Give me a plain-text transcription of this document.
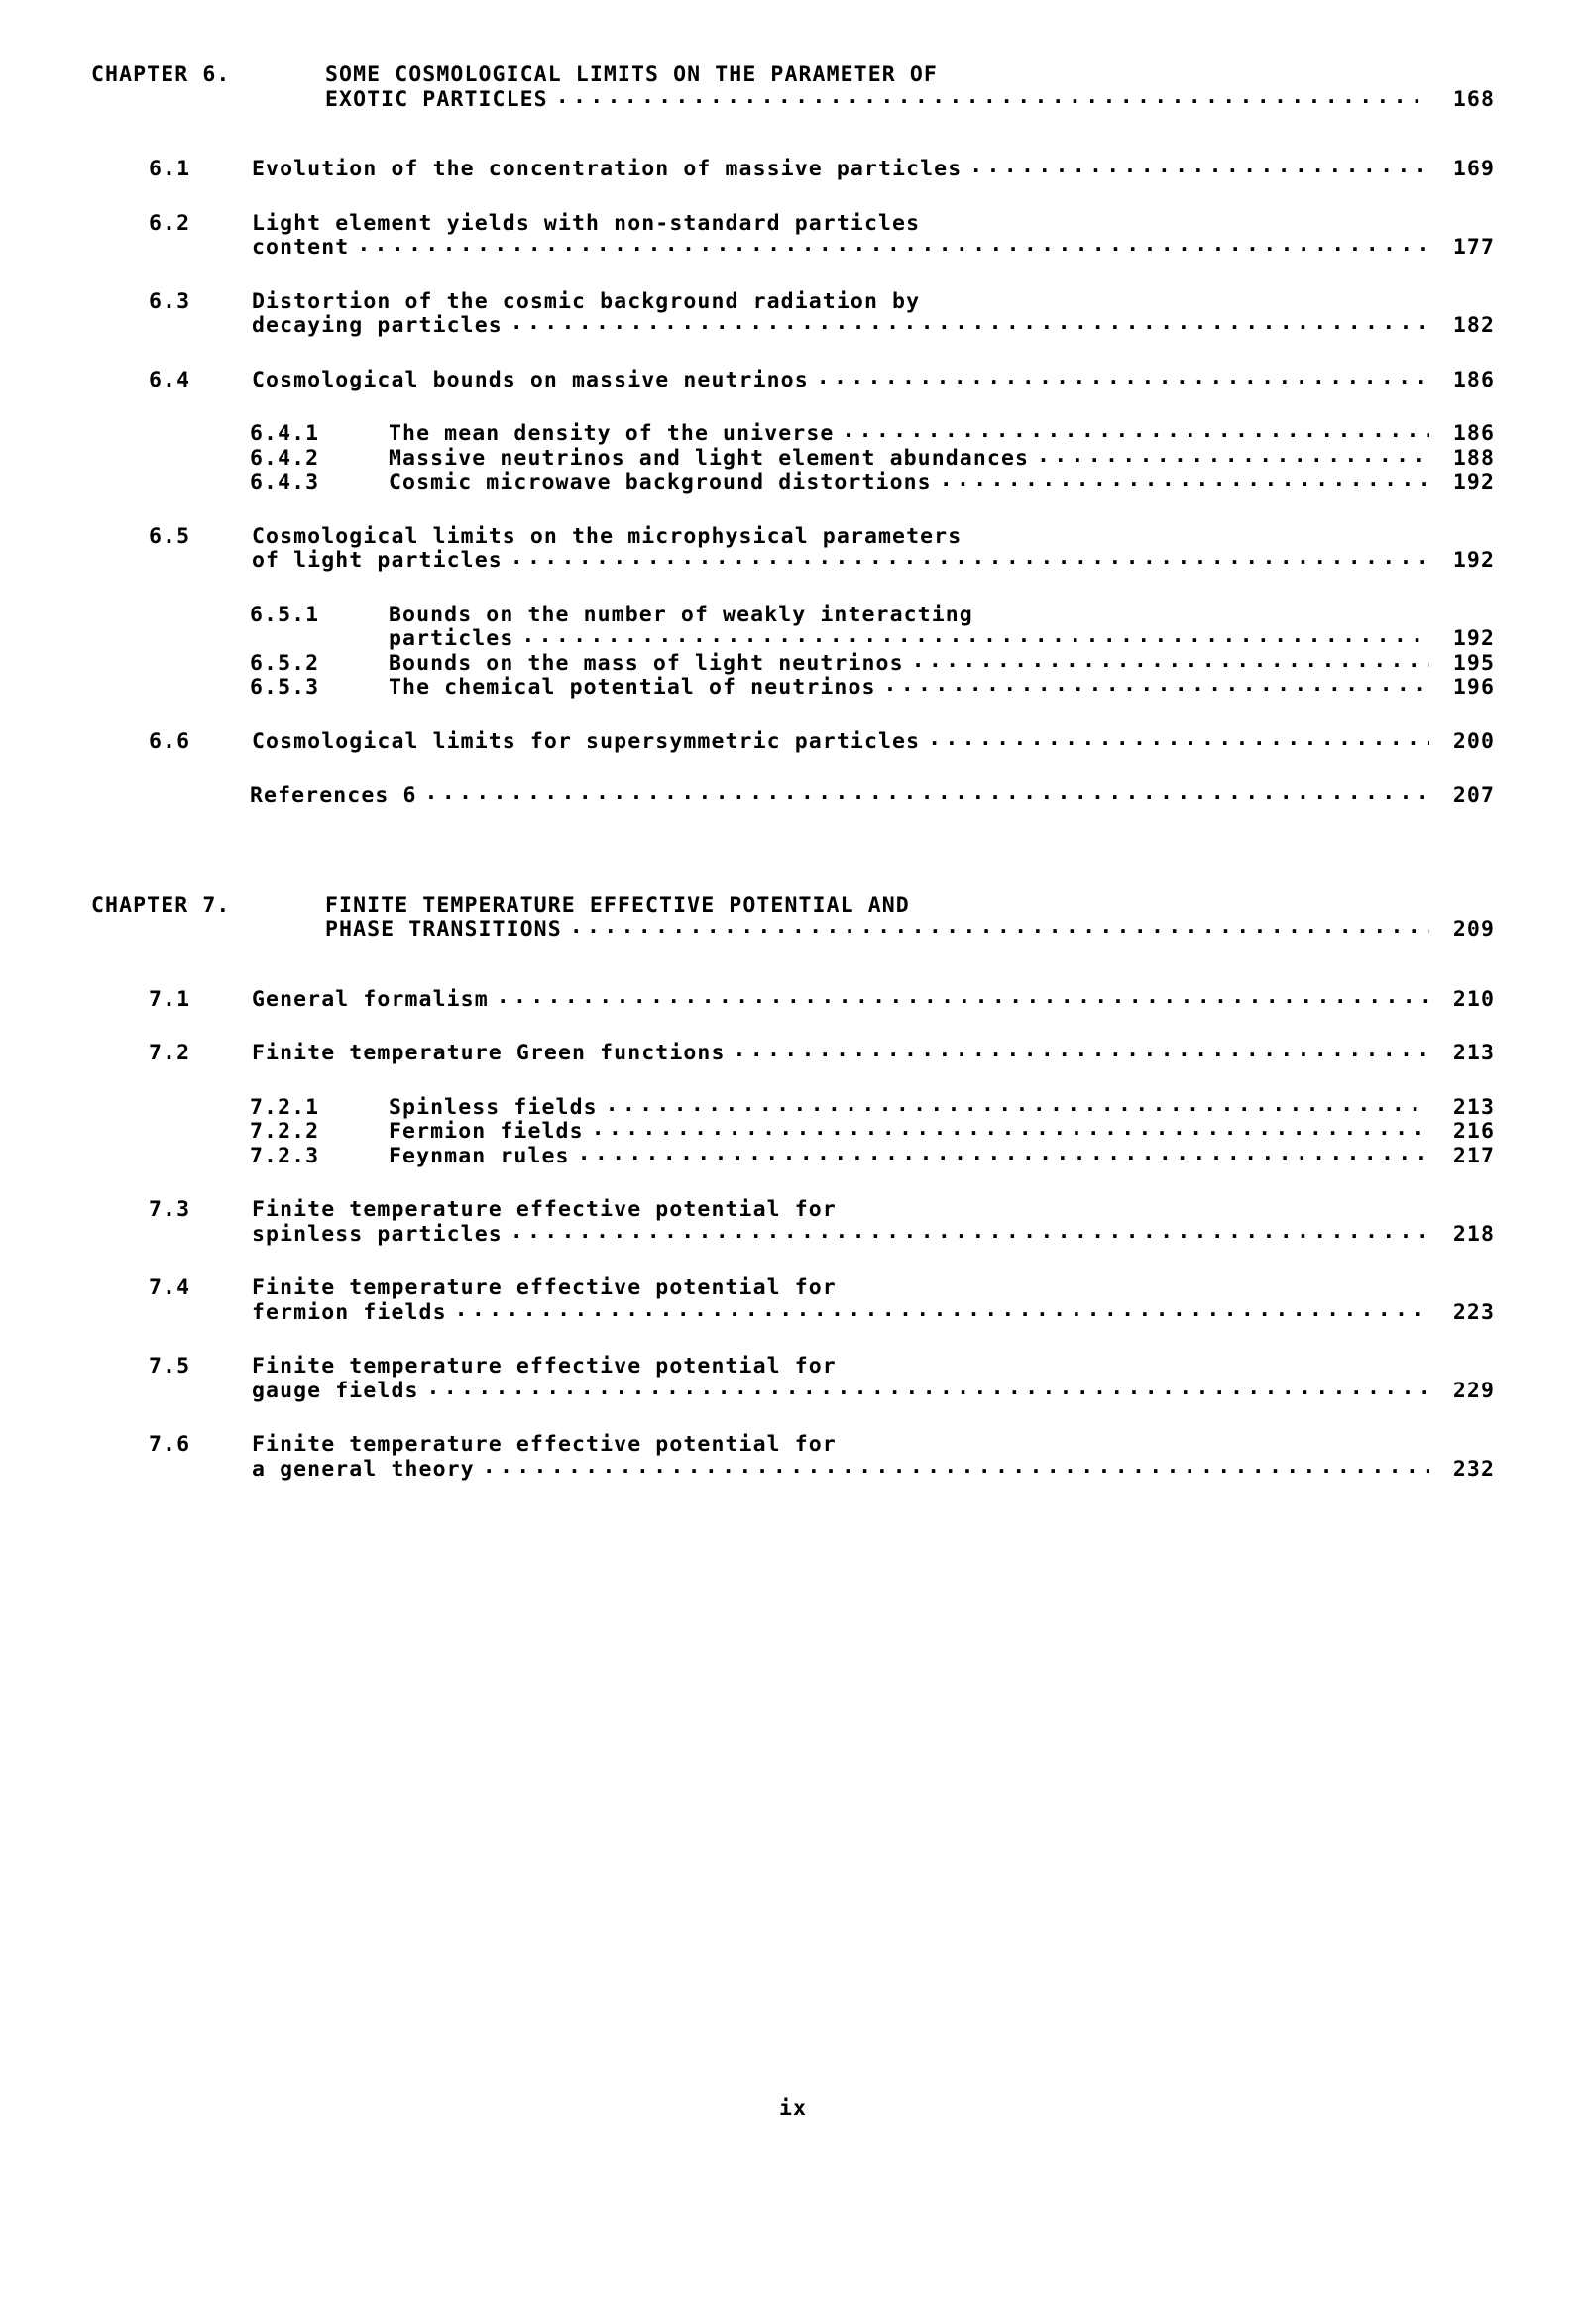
CHAPTER 6.	SOME COSMOLOGICAL LIMITS ON THE PARAMETER OF
EXOTIC PARTICLES .....	168
6.1	Evolution of the concentration of massive particles .....	169
6.2	Light element yields with non-standard particles
content .....	177
6.3	Distortion of the cosmic background radiation by
decaying particles .....	182
6.4	Cosmological bounds on massive neutrinos .....	186
6.4.1	The mean density of the universe .....	186
6.4.2	Massive neutrinos and light element abundances .....	188
6.4.3	Cosmic microwave background distortions .....	192
6.5	Cosmological limits on the microphysical parameters
of light particles .....	192
6.5.1	Bounds on the number of weakly interacting
particles .....	192
6.5.2	Bounds on the mass of light neutrinos .....	195
6.5.3	The chemical potential of neutrinos .....	196
6.6	Cosmological limits for supersymmetric particles .....	200
References 6 .....	207
CHAPTER 7.	FINITE TEMPERATURE EFFECTIVE POTENTIAL AND
PHASE TRANSITIONS .....	209
7.1	General formalism .....	210
7.2	Finite temperature Green functions .....	213
7.2.1	Spinless fields .....	213
7.2.2	Fermion fields .....	216
7.2.3	Feynman rules .....	217
7.3	Finite temperature effective potential for
spinless particles .....	218
7.4	Finite temperature effective potential for
fermion fields .....	223
7.5	Finite temperature effective potential for
gauge fields .....	229
7.6	Finite temperature effective potential for
a general theory .....	232
ix
